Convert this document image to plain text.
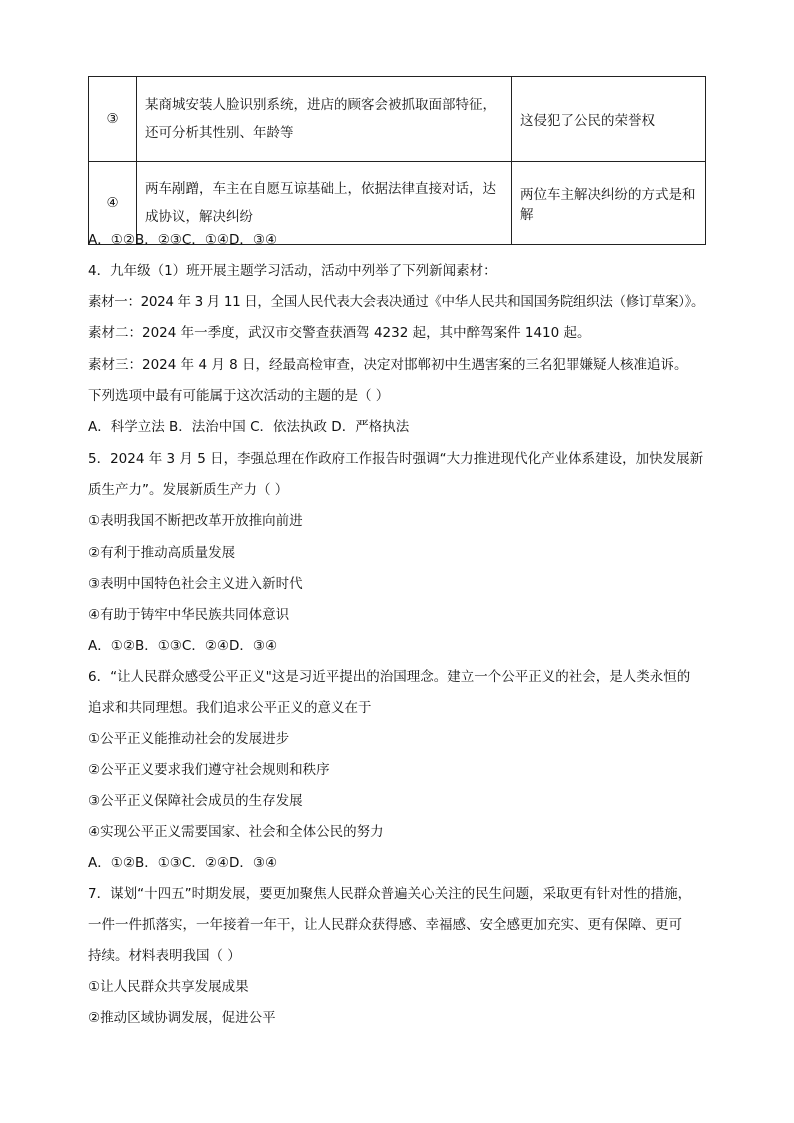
③	某商城安装人脸识别系统，进店的顾客会被抓取面部特征，还可分析其性别、年龄等	这侵犯了公民的荣誉权
④	两车剐蹭，车主在自愿互谅基础上，依据法律直接对话，达成协议，解决纠纷	两位车主解决纠纷的方式是和解
A．①②B．②③C．①④D．③④
4．九年级（1）班开展主题学习活动，活动中列举了下列新闻素材：
素材一：2024 年 3 月 11 日，全国人民代表大会表决通过《中华人民共和国国务院组织法（修订草案）》。
素材二：2024 年一季度，武汉市交警查获酒驾 4232 起，其中醉驾案件 1410 起。
素材三：2024 年 4 月 8 日，经最高检审查，决定对邯郸初中生遇害案的三名犯罪嫌疑人核准追诉。
下列选项中最有可能属于这次活动的主题的是（ ）
A．科学立法 B．法治中国 C．依法执政 D．严格执法
5．2024 年 3 月 5 日，李强总理在作政府工作报告时强调“大力推进现代化产业体系建设，加快发展新
质生产力”。发展新质生产力（ ）
①表明我国不断把改革开放推向前进
②有利于推动高质量发展
③表明中国特色社会主义进入新时代
④有助于铸牢中华民族共同体意识
A．①②B．①③C．②④D．③④
6．“让人民群众感受公平正义"这是习近平提出的治国理念。建立一个公平正义的社会，是人类永恒的
追求和共同理想。我们追求公平正义的意义在于
①公平正义能推动社会的发展进步
②公平正义要求我们遵守社会规则和秩序
③公平正义保障社会成员的生存发展
④实现公平正义需要国家、社会和全体公民的努力
A．①②B．①③C．②④D．③④
7．谋划“十四五”时期发展，要更加聚焦人民群众普遍关心关注的民生问题，采取更有针对性的措施，
一件一件抓落实，一年接着一年干，让人民群众获得感、幸福感、安全感更加充实、更有保障、更可
持续。材料表明我国（ ）
①让人民群众共享发展成果
②推动区域协调发展，促进公平
